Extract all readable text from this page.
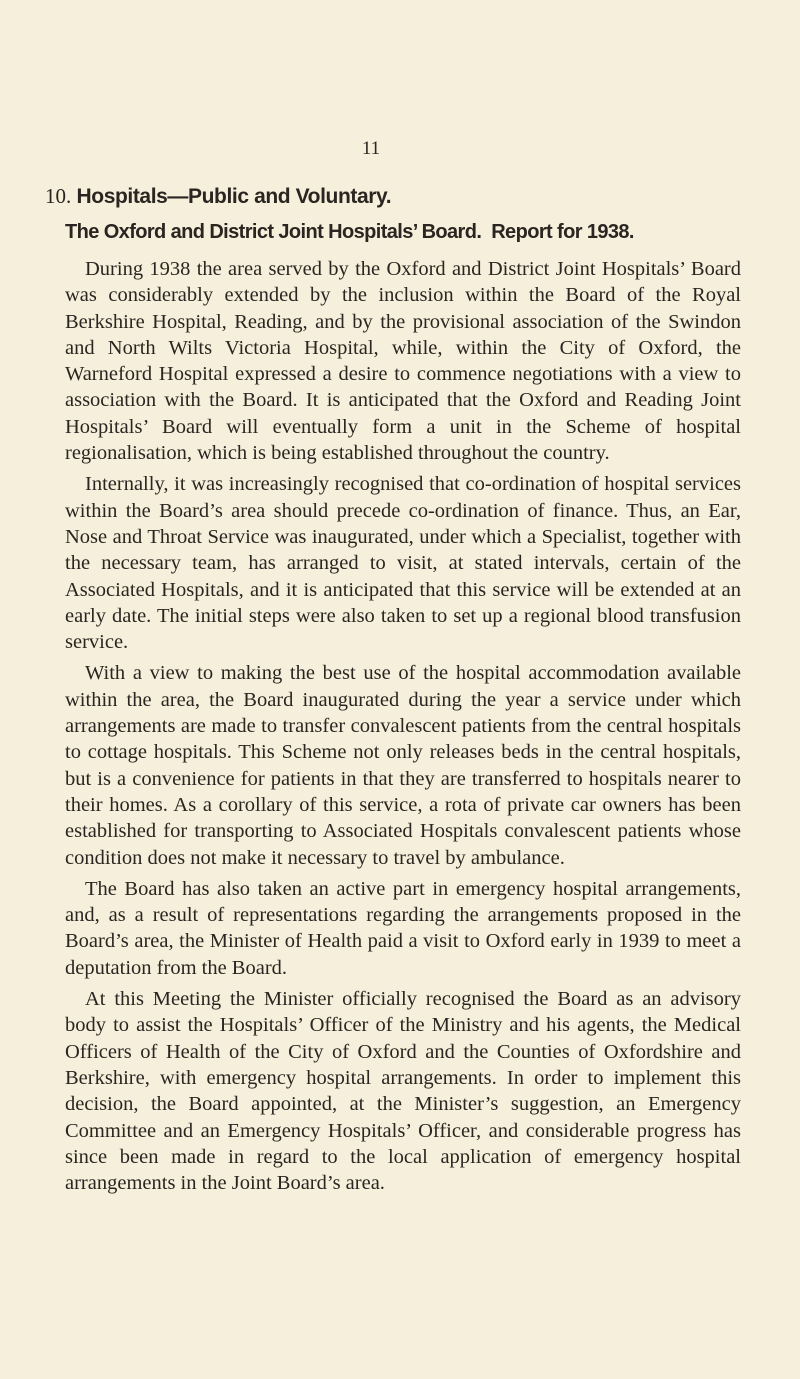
11
10. Hospitals—Public and Voluntary.
The Oxford and District Joint Hospitals’ Board.  Report for 1938.

During 1938 the area served by the Oxford and District Joint Hospitals’ Board was considerably extended by the inclusion within the Board of the Royal Berkshire Hospital, Reading, and by the provisional association of the Swindon and North Wilts Victoria Hospital, while, within the City of Oxford, the Warneford Hospital expressed a desire to commence negotiations with a view to association with the Board. It is anticipated that the Oxford and Reading Joint Hospitals’ Board will eventually form a unit in the Scheme of hospital regionalisation, which is being established throughout the country.

Internally, it was increasingly recognised that co-ordination of hospital services within the Board’s area should precede co-ordination of finance. Thus, an Ear, Nose and Throat Service was inaugurated, under which a Specialist, together with the necessary team, has arranged to visit, at stated intervals, certain of the Associated Hospitals, and it is anticipated that this service will be extended at an early date. The initial steps were also taken to set up a regional blood transfusion service.

With a view to making the best use of the hospital accommodation available within the area, the Board inaugurated during the year a service under which arrangements are made to transfer convalescent patients from the central hospitals to cottage hospitals. This Scheme not only releases beds in the central hospitals, but is a convenience for patients in that they are transferred to hospitals nearer to their homes. As a corollary of this service, a rota of private car owners has been established for transporting to Associated Hospitals convalescent patients whose condition does not make it necessary to travel by ambulance.

The Board has also taken an active part in emergency hospital arrangements, and, as a result of representations regarding the arrangements proposed in the Board’s area, the Minister of Health paid a visit to Oxford early in 1939 to meet a deputation from the Board.

At this Meeting the Minister officially recognised the Board as an advisory body to assist the Hospitals’ Officer of the Ministry and his agents, the Medical Officers of Health of the City of Oxford and the Counties of Oxfordshire and Berkshire, with emergency hospital arrangements. In order to implement this decision, the Board appointed, at the Minister’s suggestion, an Emergency Committee and an Emergency Hospitals’ Officer, and considerable progress has since been made in regard to the local application of emergency hospital arrangements in the Joint Board’s area.
